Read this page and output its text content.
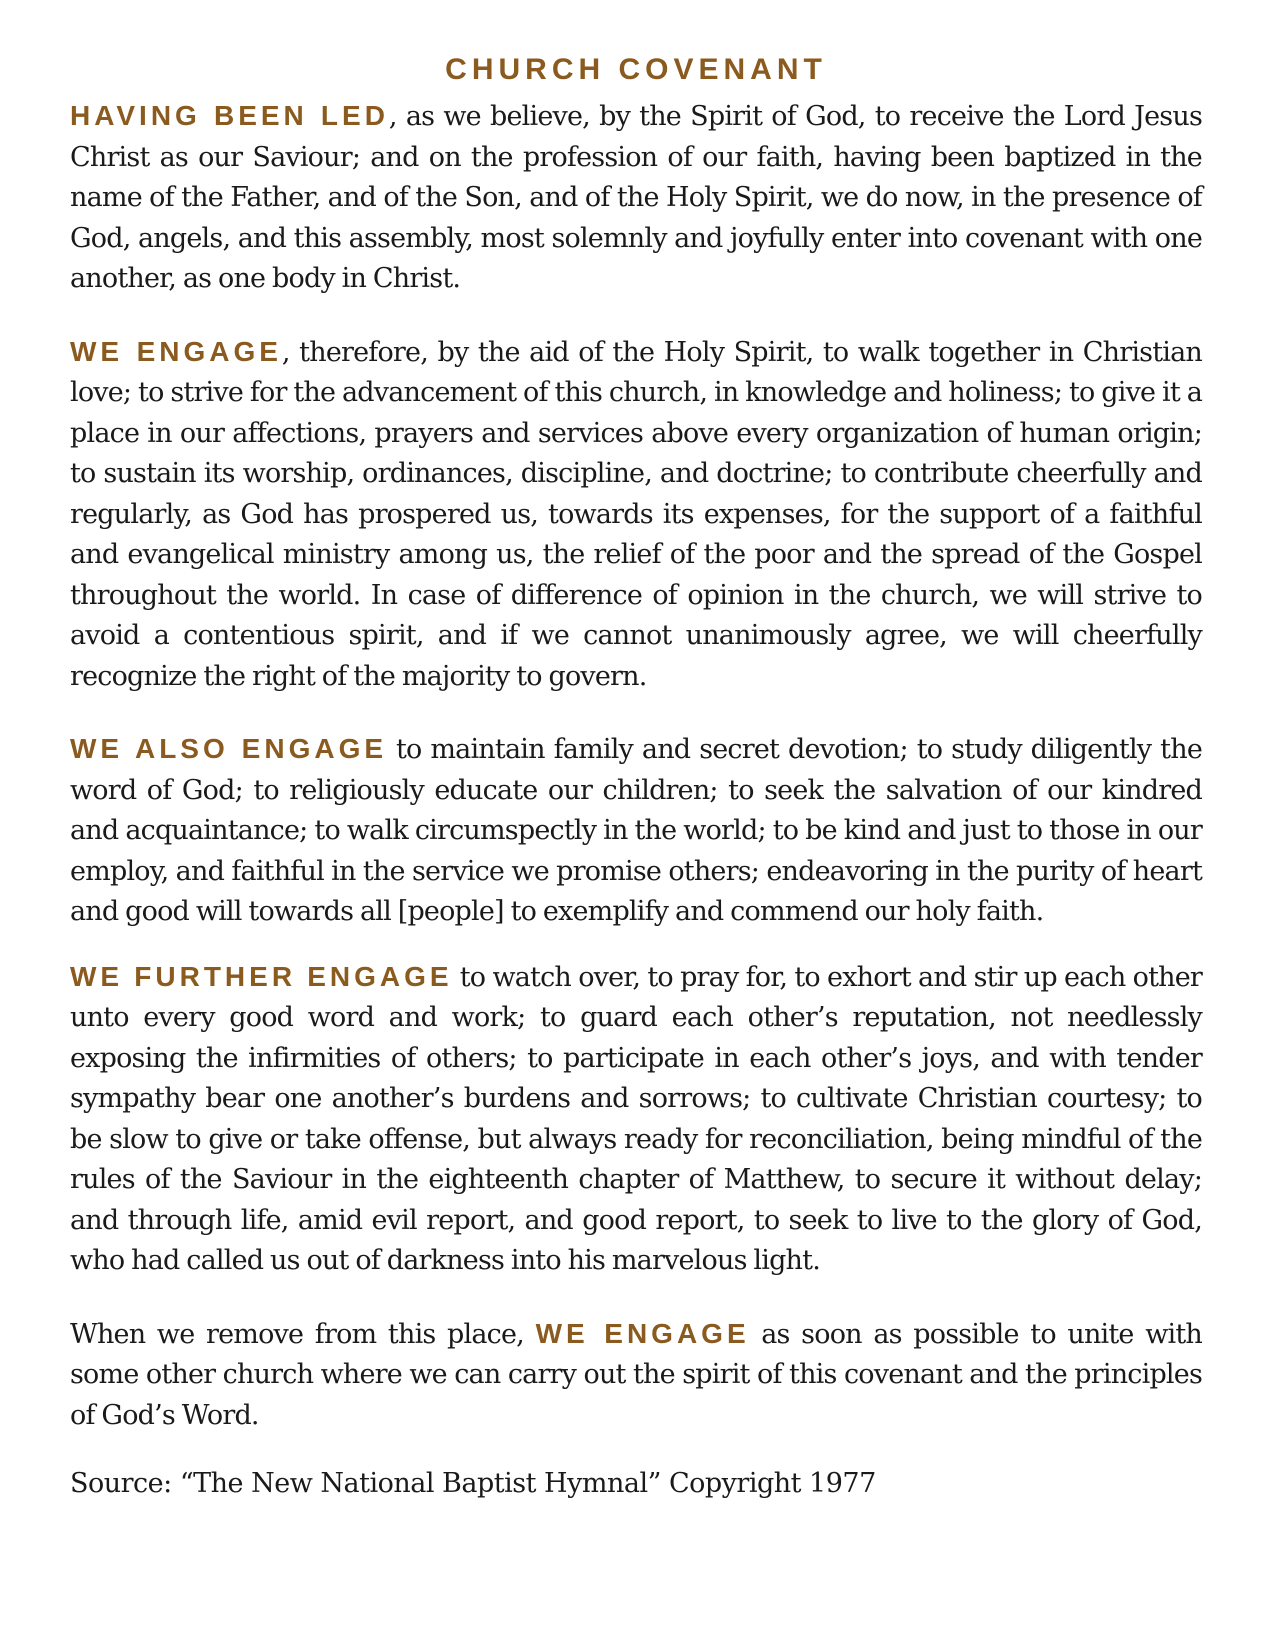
CHURCH COVENANT

HAVING BEEN LED, as we believe, by the Spirit of God, to receive the Lord Jesus Christ as our Saviour; and on the profession of our faith, having been baptized in the name of the Father, and of the Son, and of the Holy Spirit, we do now, in the presence of God, angels, and this assembly, most solemnly and joyfully enter into covenant with one another, as one body in Christ.

WE ENGAGE, therefore, by the aid of the Holy Spirit, to walk together in Christian love; to strive for the advancement of this church, in knowledge and holiness; to give it a place in our affections, prayers and services above every organization of human origin; to sustain its worship, ordinances, discipline, and doctrine; to contribute cheerfully and regularly, as God has prospered us, towards its expenses, for the support of a faithful and evangelical ministry among us, the relief of the poor and the spread of the Gospel throughout the world. In case of difference of opinion in the church, we will strive to avoid a contentious spirit, and if we cannot unanimously agree, we will cheerfully recognize the right of the majority to govern.

WE ALSO ENGAGE to maintain family and secret devotion; to study diligently the word of God; to religiously educate our children; to seek the salvation of our kindred and acquaintance; to walk circumspectly in the world; to be kind and just to those in our employ, and faithful in the service we promise others; endeavoring in the purity of heart and good will towards all [people] to exemplify and commend our holy faith.

WE FURTHER ENGAGE to watch over, to pray for, to exhort and stir up each other unto every good word and work; to guard each other’s reputation, not needlessly exposing the infirmities of others; to participate in each other’s joys, and with tender sympathy bear one another’s burdens and sorrows; to cultivate Christian courtesy; to be slow to give or take offense, but always ready for reconciliation, being mindful of the rules of the Saviour in the eighteenth chapter of Matthew, to secure it without delay; and through life, amid evil report, and good report, to seek to live to the glory of God, who had called us out of darkness into his marvelous light.

When we remove from this place, WE ENGAGE as soon as possible to unite with some other church where we can carry out the spirit of this covenant and the principles of God’s Word.

Source: “The New National Baptist Hymnal” Copyright 1977
